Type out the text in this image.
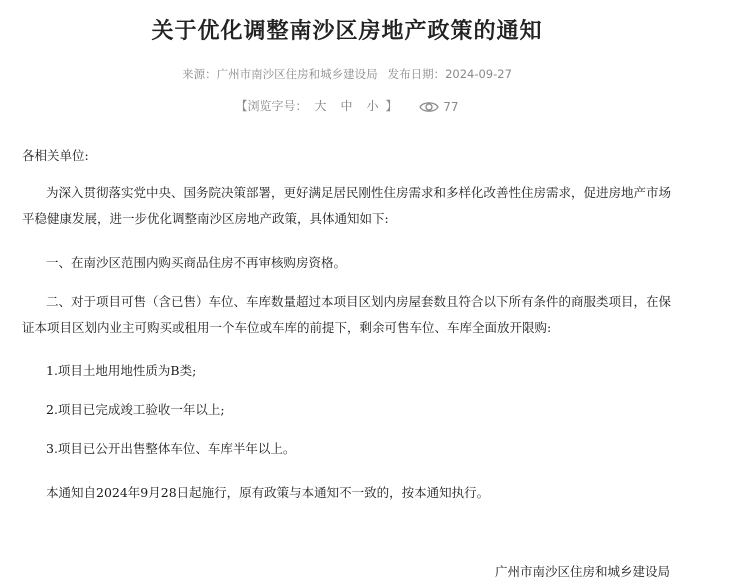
关于优化调整南沙区房地产政策的通知
来源：广州市南沙区住房和城乡建设局 发布日期：2024-09-27
【浏览字号： 大 中 小 】	77

各相关单位:

为深入贯彻落实党中央、国务院决策部署，更好满足居民刚性住房需求和多样化改善性住房需求，促进房地产市场平稳健康发展，进一步优化调整南沙区房地产政策，具体通知如下:

一、在南沙区范围内购买商品住房不再审核购房资格。

二、对于项目可售（含已售）车位、车库数量超过本项目区划内房屋套数且符合以下所有条件的商服类项目，在保证本项目区划内业主可购买或租用一个车位或车库的前提下，剩余可售车位、车库全面放开限购:

1.项目土地用地性质为B类;

2.项目已完成竣工验收一年以上;

3.项目已公开出售整体车位、车库半年以上。

本通知自2024年9月28日起施行，原有政策与本通知不一致的，按本通知执行。

广州市南沙区住房和城乡建设局
